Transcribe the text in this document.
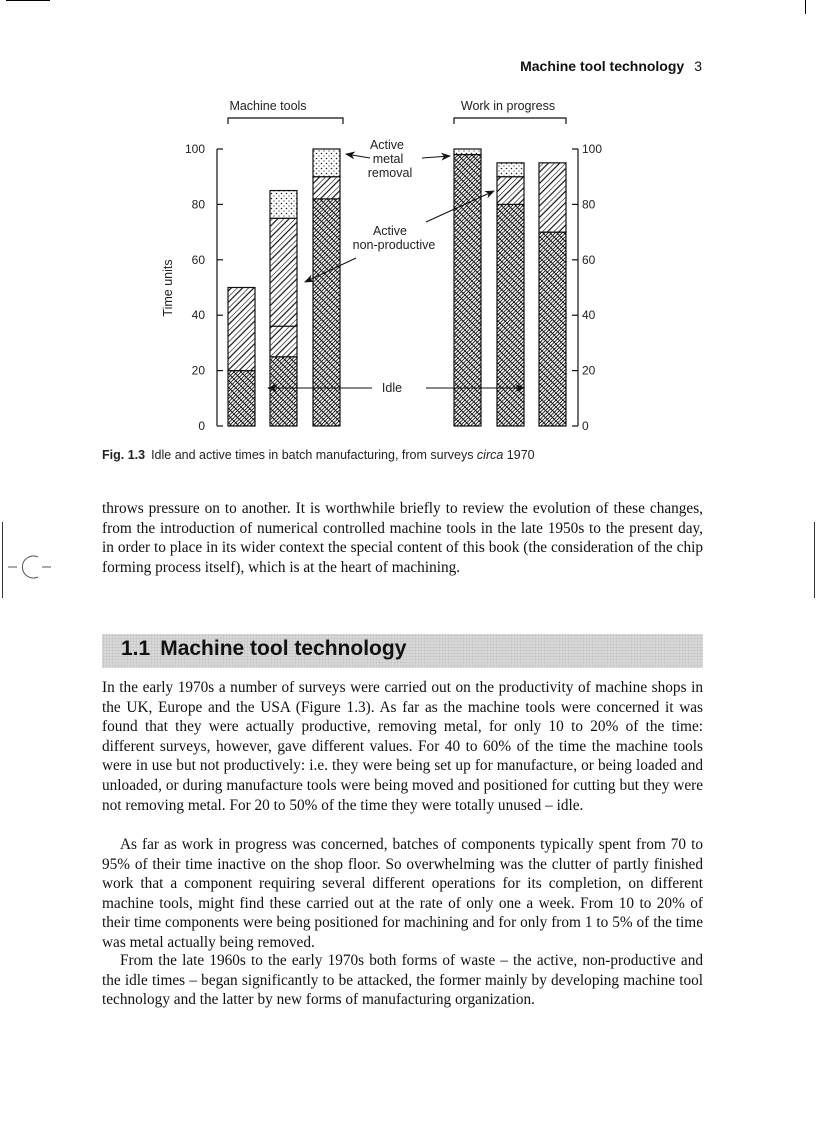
Machine tool technology 3
Machine tools	Work in progress
0
20
40
60
80
100
Time units
0
20
40
60
80
100
Active
metal
removal
Active
non-productive
Idle
Fig. 1.3 Idle and active times in batch manufacturing, from surveys circa 1970

throws pressure on to another. It is worthwhile briefly to review the evolution of these changes, from the introduction of numerical controlled machine tools in the late 1950s to the present day, in order to place in its wider context the special content of this book (the consideration of the chip forming process itself), which is at the heart of machining.

1.1 Machine tool technology

In the early 1970s a number of surveys were carried out on the productivity of machine shops in the UK, Europe and the USA (Figure 1.3). As far as the machine tools were concerned it was found that they were actually productive, removing metal, for only 10 to 20% of the time: different surveys, however, gave different values. For 40 to 60% of the time the machine tools were in use but not productively: i.e. they were being set up for manufacture, or being loaded and unloaded, or during manufacture tools were being moved and positioned for cutting but they were not removing metal. For 20 to 50% of the time they were totally unused – idle.

As far as work in progress was concerned, batches of components typically spent from 70 to 95% of their time inactive on the shop floor. So overwhelming was the clutter of partly finished work that a component requiring several different operations for its completion, on different machine tools, might find these carried out at the rate of only one a week. From 10 to 20% of their time components were being positioned for machining and for only from 1 to 5% of the time was metal actually being removed.

From the late 1960s to the early 1970s both forms of waste – the active, non-productive and the idle times – began significantly to be attacked, the former mainly by developing machine tool technology and the latter by new forms of manufacturing organization.
